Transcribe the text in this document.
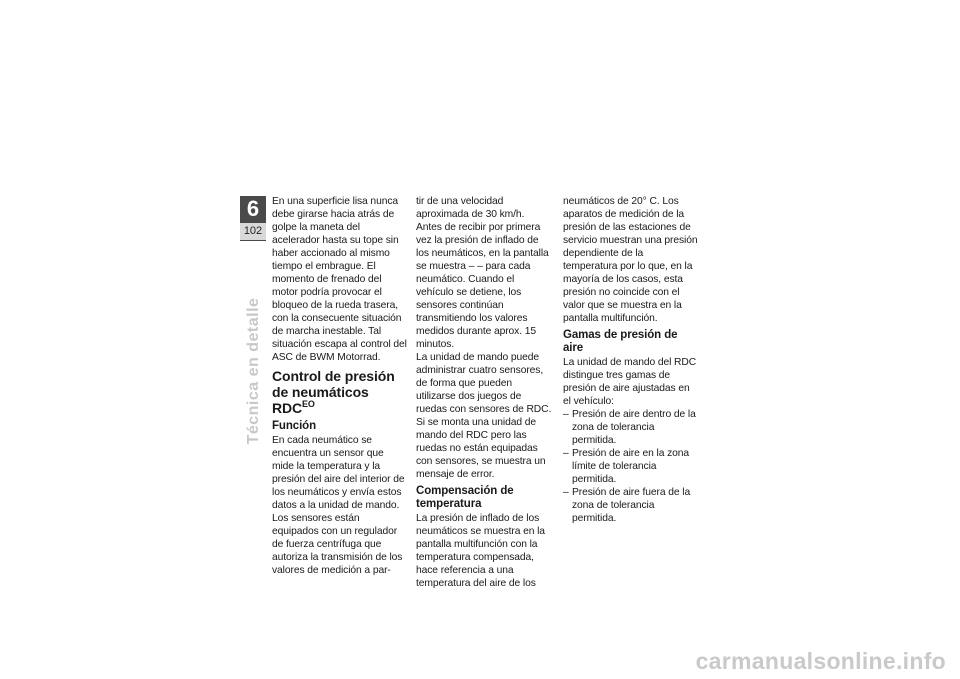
6
102
Técnica en detalle

En una superficie lisa nunca debe girarse hacia atrás de golpe la maneta del acelerador hasta su tope sin haber accionado al mismo tiempo el embrague. El momento de frenado del motor podría provocar el bloqueo de la rueda trasera, con la consecuente situación de marcha inestable. Tal situación escapa al control del ASC de BWM Motorrad.

Control de presión de neumáticos $RDC^{EO}$
Función

En cada neumático se encuentra un sensor que mide la temperatura y la presión del aire del interior de los neumáticos y envía estos datos a la unidad de mando.

Los sensores están equipados con un regulador de fuerza centrífuga que autoriza la transmisión de los valores de medición a par-

tir de una velocidad aproximada de 30 km/h. Antes de recibir por primera vez la presión de inflado de los neumáticos, en la pantalla se muestra – – para cada neumático. Cuando el vehículo se detiene, los sensores continúan transmitiendo los valores medidos durante aprox. 15 minutos.

La unidad de mando puede administrar cuatro sensores, de forma que pueden utilizarse dos juegos de ruedas con sensores de RDC. Si se monta una unidad de mando del RDC pero las ruedas no están equipadas con sensores, se muestra un mensaje de error.

Compensación de temperatura

La presión de inflado de los neumáticos se muestra en la pantalla multifunción con la temperatura compensada, hace referencia a una temperatura del aire de los

neumáticos de 20° C. Los aparatos de medición de la presión de las estaciones de servicio muestran una presión dependiente de la temperatura por lo que, en la mayoría de los casos, esta presión no coincide con el valor que se muestra en la pantalla multifunción.

Gamas de presión de aire

La unidad de mando del RDC distingue tres gamas de presión de aire ajustadas en el vehículo:

– Presión de aire dentro de la zona de tolerancia permitida.
– Presión de aire en la zona límite de tolerancia permitida.
– Presión de aire fuera de la zona de tolerancia permitida.
carmanualsonline.info
